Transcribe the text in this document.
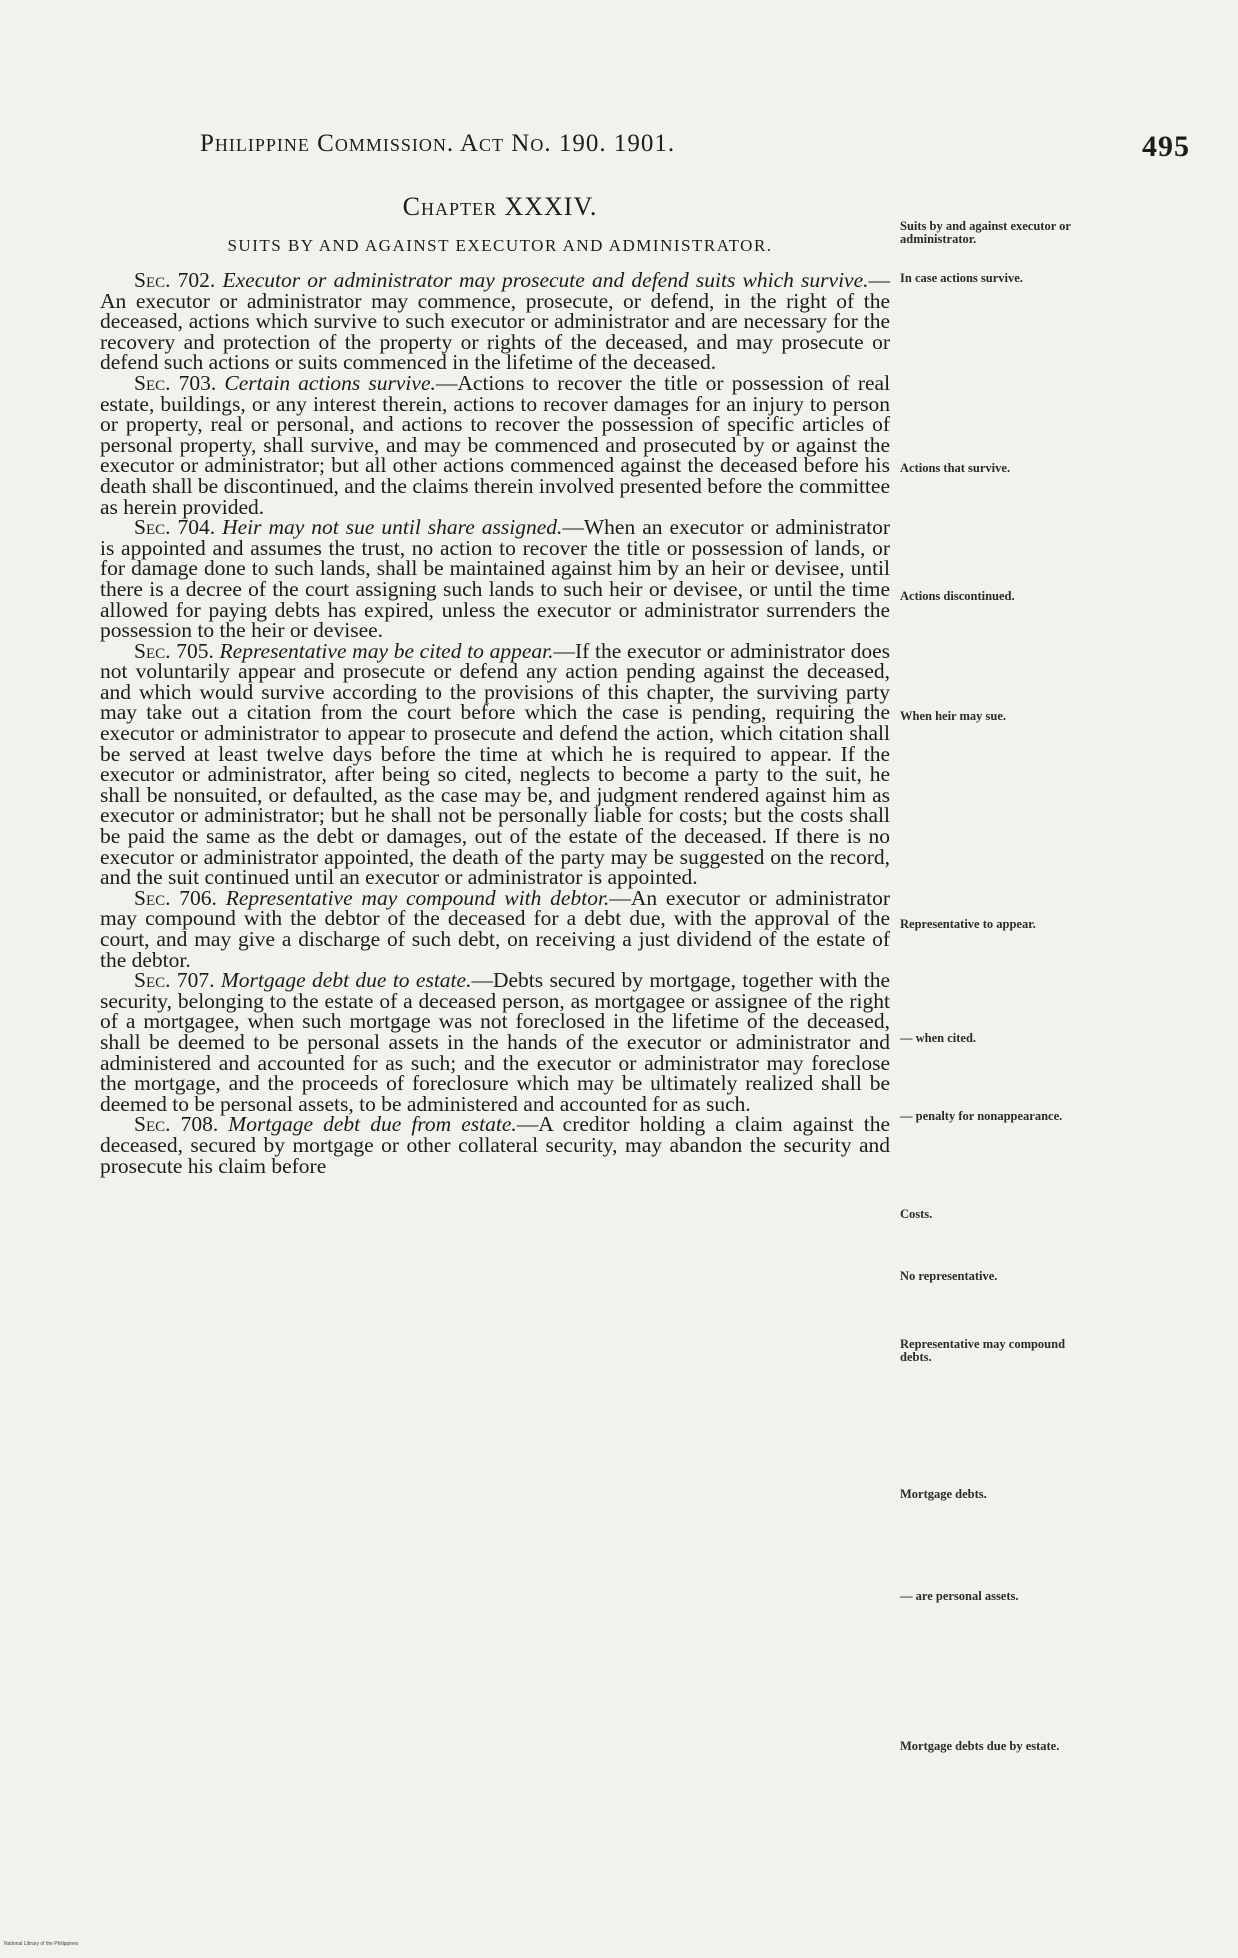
Philippine Commission. Act No. 190. 1901.	495
Chapter XXXIV.
SUITS BY AND AGAINST EXECUTOR AND ADMINISTRATOR.

Sec. 702. Executor or administrator may prosecute and defend suits which survive.—An executor or administrator may commence, prosecute, or defend, in the right of the deceased, actions which survive to such executor or administrator and are necessary for the recovery and protection of the property or rights of the deceased, and may prosecute or defend such actions or suits commenced in the lifetime of the deceased.

Sec. 703. Certain actions survive.—Actions to recover the title or possession of real estate, buildings, or any interest therein, actions to recover damages for an injury to person or property, real or personal, and actions to recover the possession of specific articles of personal property, shall survive, and may be commenced and prosecuted by or against the executor or administrator; but all other actions commenced against the deceased before his death shall be discontinued, and the claims therein involved presented before the committee as herein provided.

Sec. 704. Heir may not sue until share assigned.—When an executor or administrator is appointed and assumes the trust, no action to recover the title or possession of lands, or for damage done to such lands, shall be maintained against him by an heir or devisee, until there is a decree of the court assigning such lands to such heir or devisee, or until the time allowed for paying debts has expired, unless the executor or administrator surrenders the possession to the heir or devisee.

Sec. 705. Representative may be cited to appear.—If the executor or administrator does not voluntarily appear and prosecute or defend any action pending against the deceased, and which would survive according to the provisions of this chapter, the surviving party may take out a citation from the court before which the case is pending, requiring the executor or administrator to appear to prosecute and defend the action, which citation shall be served at least twelve days before the time at which he is required to appear. If the executor or administrator, after being so cited, neglects to become a party to the suit, he shall be nonsuited, or defaulted, as the case may be, and judgment rendered against him as executor or administrator; but he shall not be personally liable for costs; but the costs shall be paid the same as the debt or damages, out of the estate of the deceased. If there is no executor or administrator appointed, the death of the party may be suggested on the record, and the suit continued until an executor or administrator is appointed.

Sec. 706. Representative may compound with debtor.—An executor or administrator may compound with the debtor of the deceased for a debt due, with the approval of the court, and may give a discharge of such debt, on receiving a just dividend of the estate of the debtor.

Sec. 707. Mortgage debt due to estate.—Debts secured by mortgage, together with the security, belonging to the estate of a deceased person, as mortgagee or assignee of the right of a mortgagee, when such mortgage was not foreclosed in the lifetime of the deceased, shall be deemed to be personal assets in the hands of the executor or administrator and administered and accounted for as such; and the executor or administrator may foreclose the mortgage, and the proceeds of foreclosure which may be ultimately realized shall be deemed to be personal assets, to be administered and accounted for as such.

Sec. 708. Mortgage debt due from estate.—A creditor holding a claim against the deceased, secured by mortgage or other collateral security, may abandon the security and prosecute his claim before

Suits by and against executor or administrator.
In case actions survive.
Actions that survive.
Actions discontinued.
When heir may sue.
Representative to appear.
— when cited.
— penalty for nonappearance.
Costs.
No representative.
Representative may compound debts.
Mortgage debts.
— are personal assets.
Mortgage debts due by estate.
National Library of the Philippines
